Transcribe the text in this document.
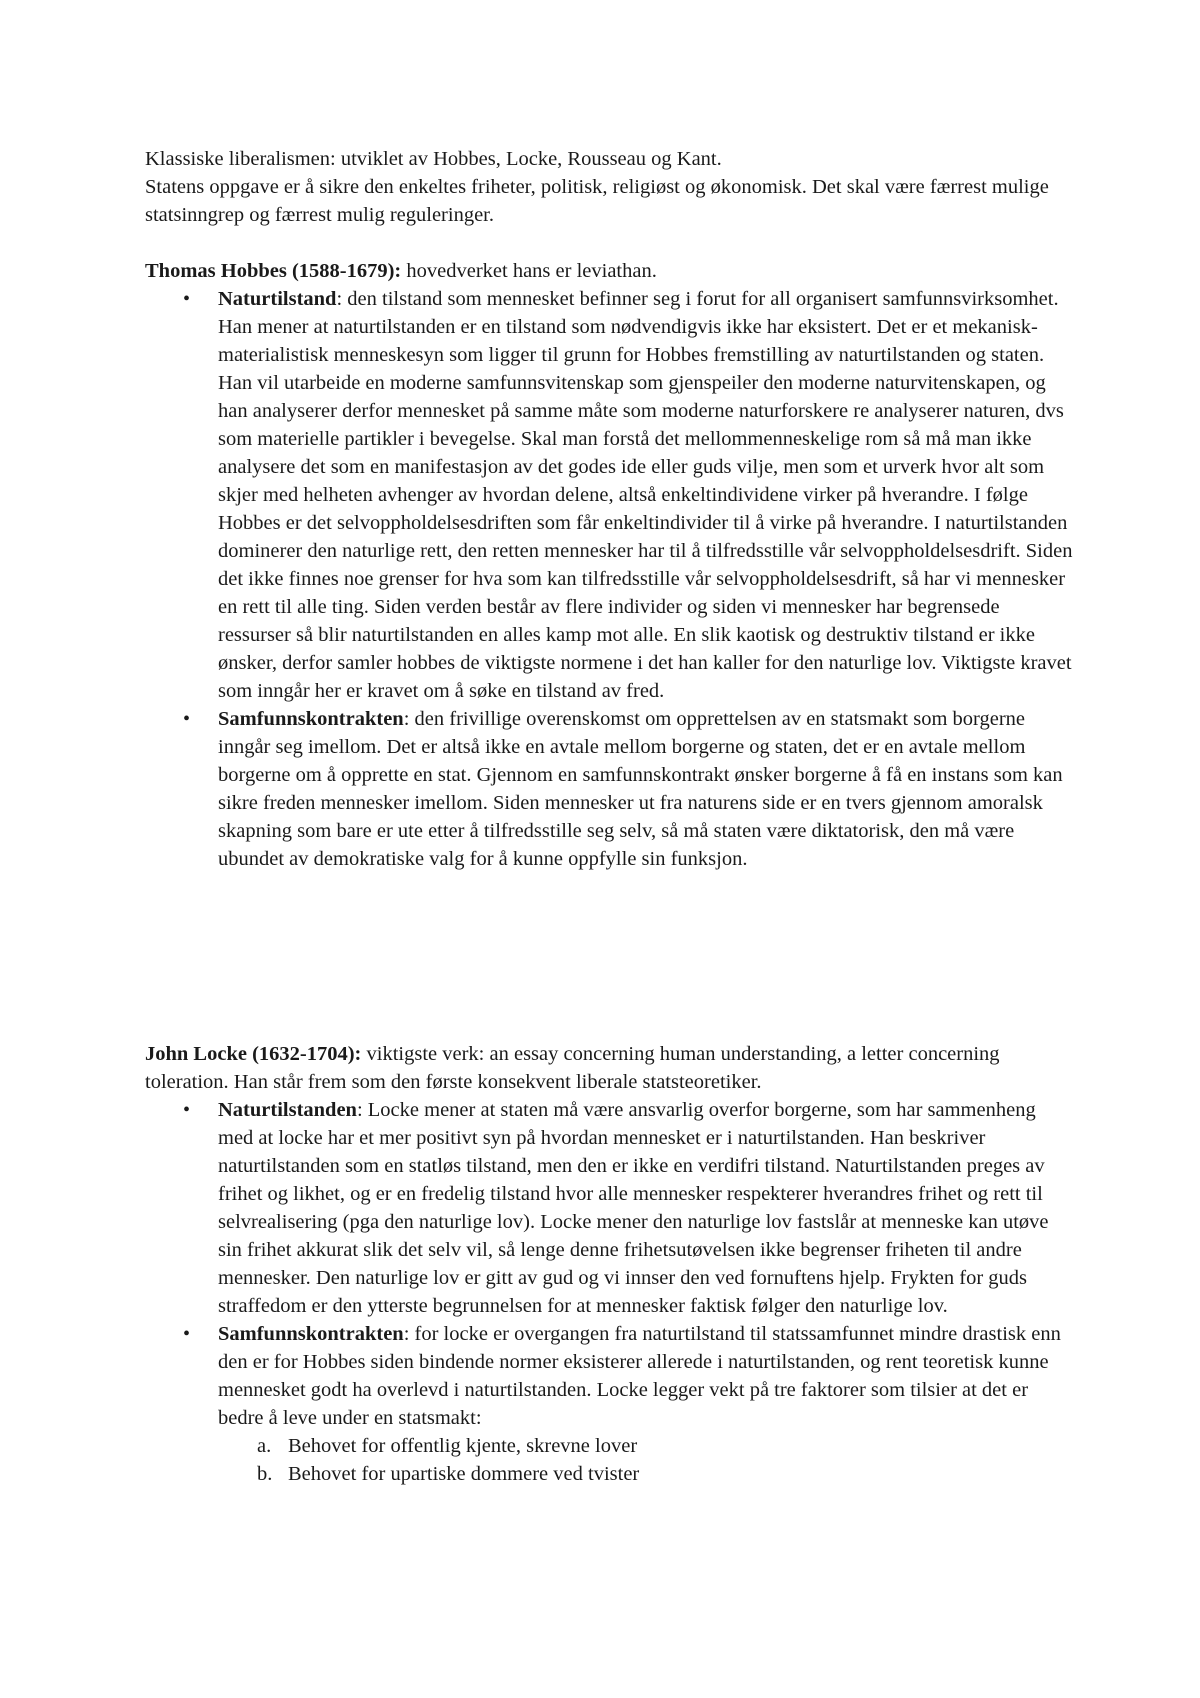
Klassiske liberalismen: utviklet av Hobbes, Locke, Rousseau og Kant.

Statens oppgave er å sikre den enkeltes friheter, politisk, religiøst og økonomisk. Det skal være færrest mulige statsinngrep og færrest mulig reguleringer.

Thomas Hobbes (1588-1679): hovedverket hans er leviathan.

• Naturtilstand: den tilstand som mennesket befinner seg i forut for all organisert samfunnsvirksomhet. Han mener at naturtilstanden er en tilstand som nødvendigvis ikke har eksistert. Det er et mekanisk-materialistisk menneskesyn som ligger til grunn for Hobbes fremstilling av naturtilstanden og staten. Han vil utarbeide en moderne samfunnsvitenskap som gjenspeiler den moderne naturvitenskapen, og han analyserer derfor mennesket på samme måte som moderne naturforskere re analyserer naturen, dvs som materielle partikler i bevegelse. Skal man forstå det mellommenneskelige rom så må man ikke analysere det som en manifestasjon av det godes ide eller guds vilje, men som et urverk hvor alt som skjer med helheten avhenger av hvordan delene, altså enkeltindividene virker på hverandre. I følge Hobbes er det selvoppholdelsesdriften som får enkeltindivider til å virke på hverandre. I naturtilstanden dominerer den naturlige rett, den retten mennesker har til å tilfredsstille vår selvoppholdelsesdrift. Siden det ikke finnes noe grenser for hva som kan tilfredsstille vår selvoppholdelsesdrift, så har vi mennesker en rett til alle ting. Siden verden består av flere individer og siden vi mennesker har begrensede ressurser så blir naturtilstanden en alles kamp mot alle. En slik kaotisk og destruktiv tilstand er ikke ønsker, derfor samler hobbes de viktigste normene i det han kaller for den naturlige lov. Viktigste kravet som inngår her er kravet om å søke en tilstand av fred.
• Samfunnskontrakten: den frivillige overenskomst om opprettelsen av en statsmakt som borgerne inngår seg imellom. Det er altså ikke en avtale mellom borgerne og staten, det er en avtale mellom borgerne om å opprette en stat. Gjennom en samfunnskontrakt ønsker borgerne å få en instans som kan sikre freden mennesker imellom. Siden mennesker ut fra naturens side er en tvers gjennom amoralsk skapning som bare er ute etter å tilfredsstille seg selv, så må staten være diktatorisk, den må være ubundet av demokratiske valg for å kunne oppfylle sin funksjon.

John Locke (1632-1704): viktigste verk: an essay concerning human understanding, a letter concerning toleration. Han står frem som den første konsekvent liberale statsteoretiker.

• Naturtilstanden: Locke mener at staten må være ansvarlig overfor borgerne, som har sammenheng med at locke har et mer positivt syn på hvordan mennesket er i naturtilstanden. Han beskriver naturtilstanden som en statløs tilstand, men den er ikke en verdifri tilstand. Naturtilstanden preges av frihet og likhet, og er en fredelig tilstand hvor alle mennesker respekterer hverandres frihet og rett til selvrealisering (pga den naturlige lov). Locke mener den naturlige lov fastslår at menneske kan utøve sin frihet akkurat slik det selv vil, så lenge denne frihetsutøvelsen ikke begrenser friheten til andre mennesker. Den naturlige lov er gitt av gud og vi innser den ved fornuftens hjelp. Frykten for guds straffedom er den ytterste begrunnelsen for at mennesker faktisk følger den naturlige lov.
• Samfunnskontrakten: for locke er overgangen fra naturtilstand til statssamfunnet mindre drastisk enn den er for Hobbes siden bindende normer eksisterer allerede i naturtilstanden, og rent teoretisk kunne mennesket godt ha overlevd i naturtilstanden. Locke legger vekt på tre faktorer som tilsier at det er bedre å leve under en statsmakt:
a. Behovet for offentlig kjente, skrevne lover
b. Behovet for upartiske dommere ved tvister
